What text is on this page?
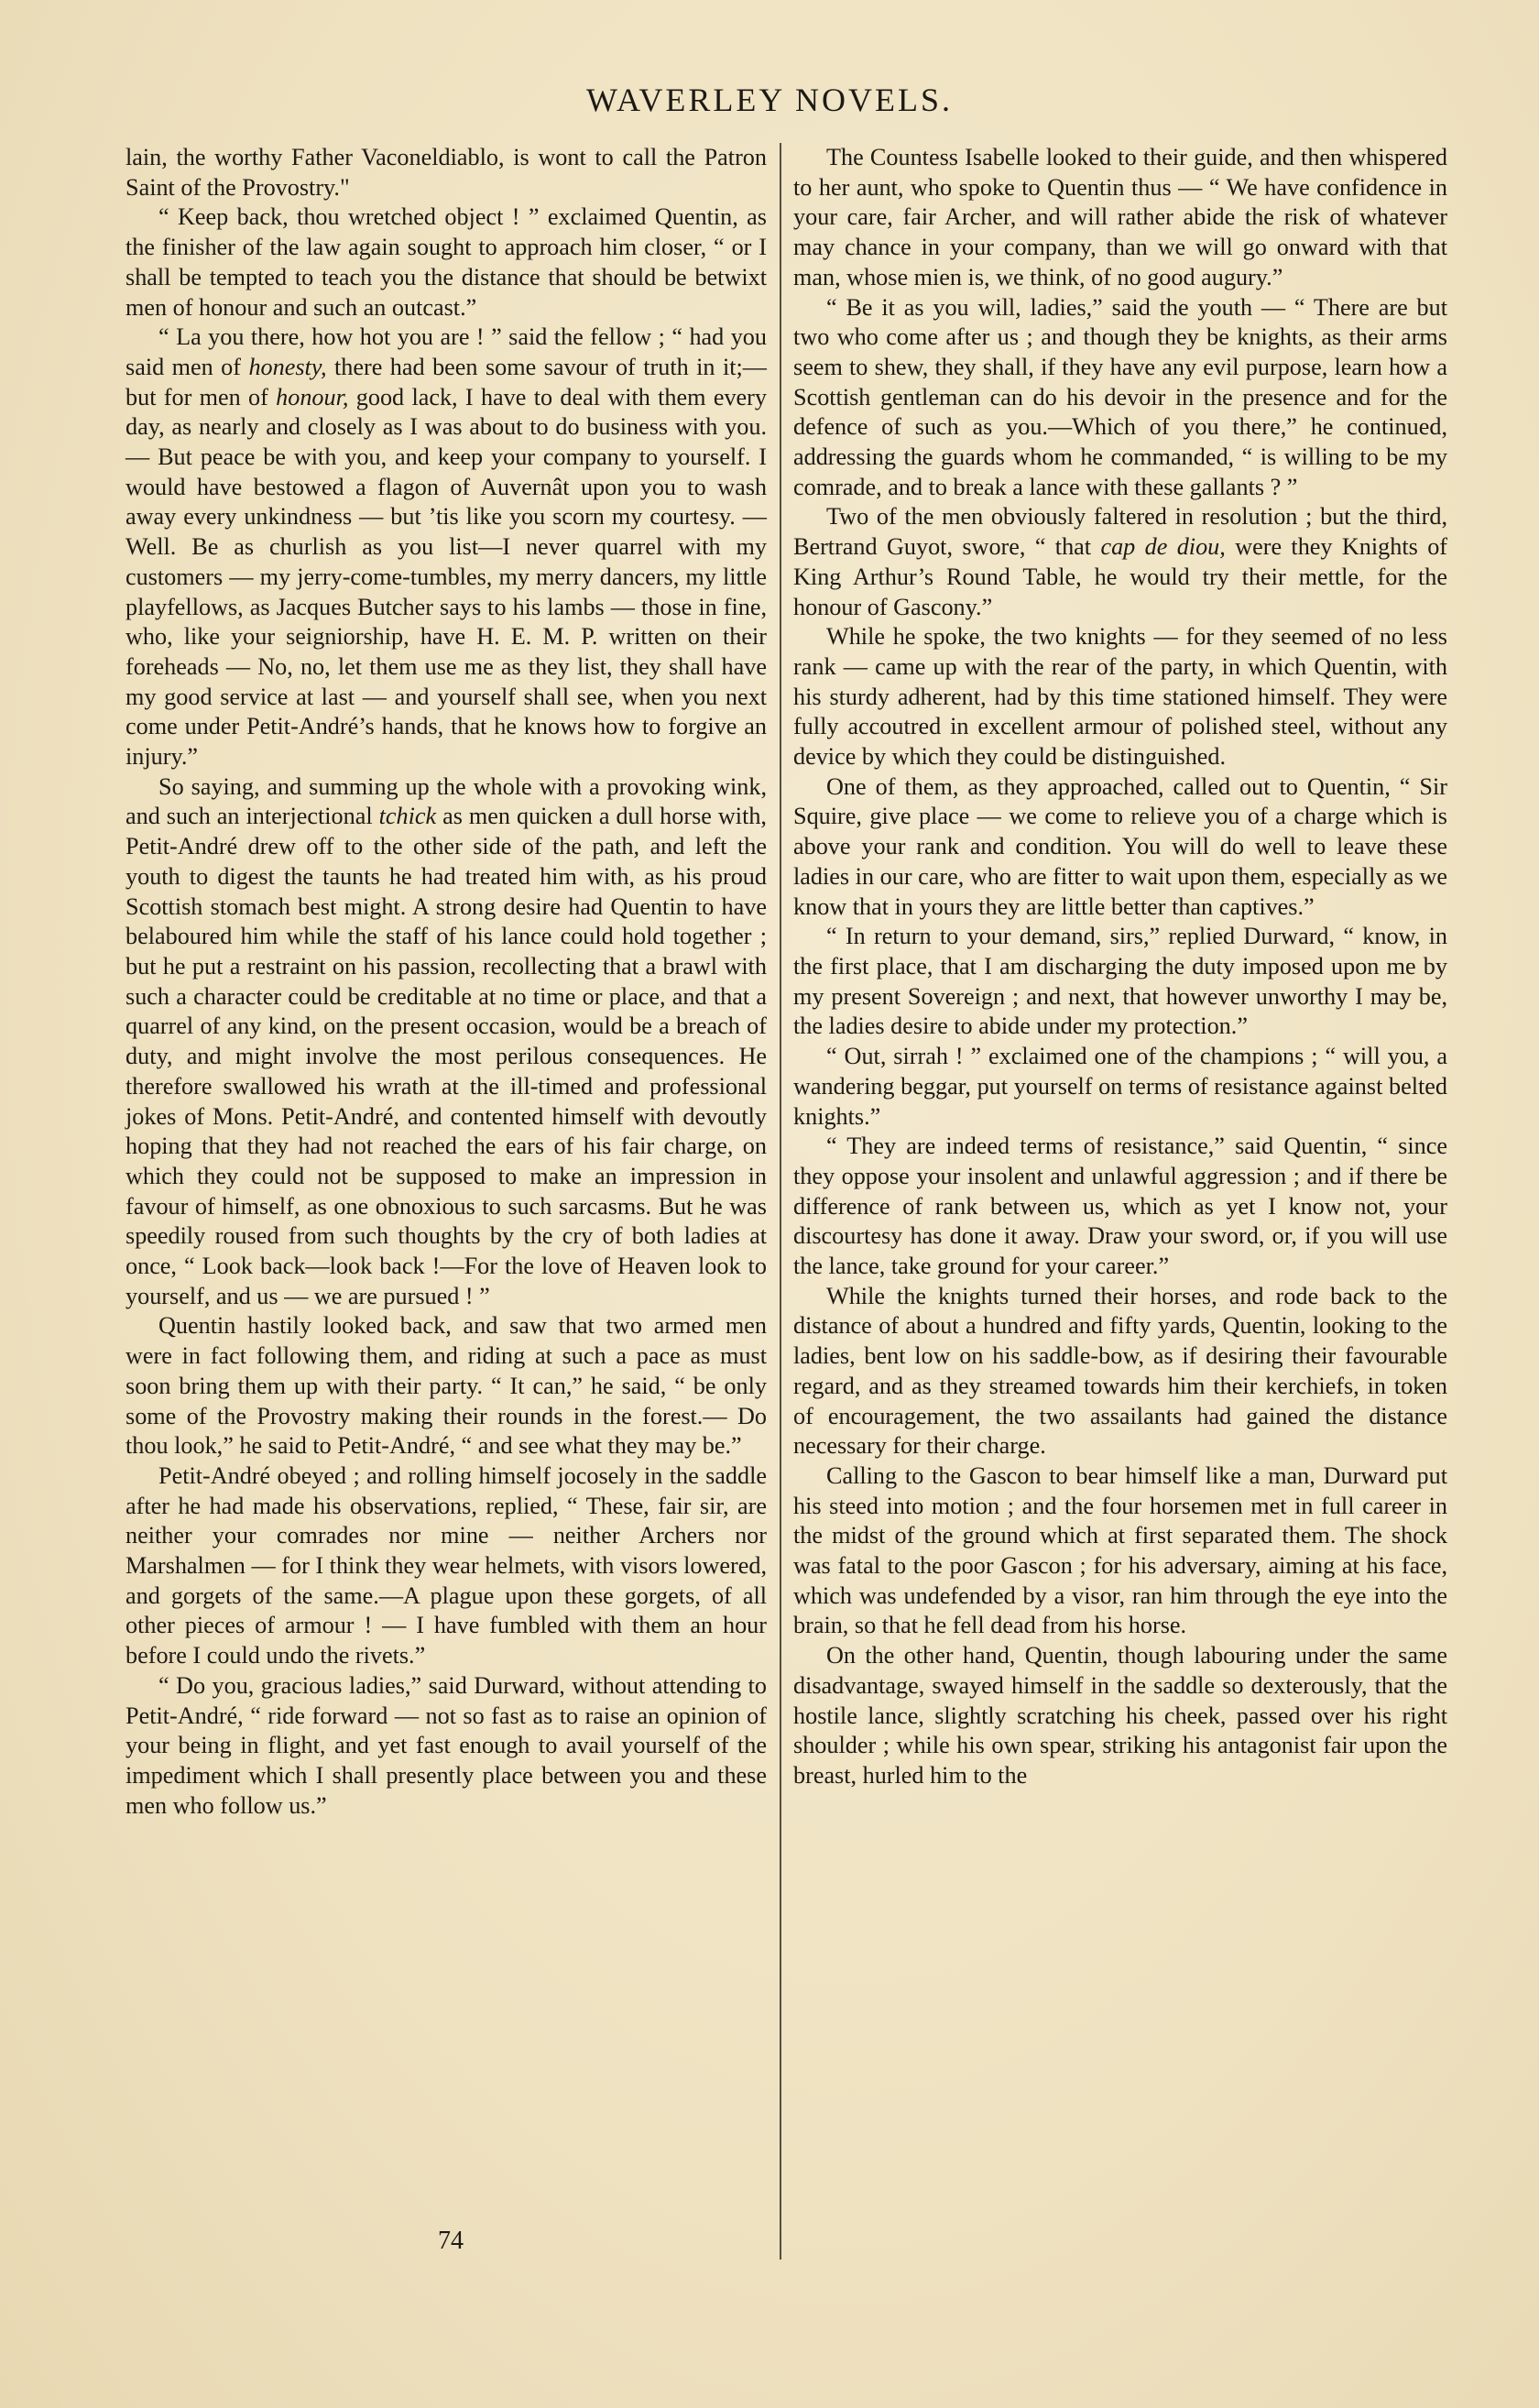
WAVERLEY NOVELS.

lain, the worthy Father Vaconeldiablo, is wont to call the Patron Saint of the Provostry."

“ Keep back, thou wretched object ! ” exclaimed Quentin, as the finisher of the law again sought to approach him closer, “ or I shall be tempted to teach you the distance that should be betwixt men of honour and such an outcast.”

“ La you there, how hot you are ! ” said the fellow ; “ had you said men of honesty, there had been some savour of truth in it;— but for men of honour, good lack, I have to deal with them every day, as nearly and closely as I was about to do business with you.— But peace be with you, and keep your company to yourself. I would have bestowed a flagon of Auvernât upon you to wash away every unkindness — but ’tis like you scorn my courtesy. —Well. Be as churlish as you list—I never quarrel with my customers — my jerry-come-tumbles, my merry dancers, my little playfellows, as Jacques Butcher says to his lambs — those in fine, who, like your seigniorship, have H. E. M. P. written on their foreheads — No, no, let them use me as they list, they shall have my good service at last — and yourself shall see, when you next come under Petit-André’s hands, that he knows how to forgive an injury.”

So saying, and summing up the whole with a provoking wink, and such an interjectional tchick as men quicken a dull horse with, Petit-André drew off to the other side of the path, and left the youth to digest the taunts he had treated him with, as his proud Scottish stomach best might. A strong desire had Quentin to have belaboured him while the staff of his lance could hold together ; but he put a restraint on his passion, recollecting that a brawl with such a character could be creditable at no time or place, and that a quarrel of any kind, on the present occasion, would be a breach of duty, and might involve the most perilous consequences. He therefore swallowed his wrath at the ill-timed and professional jokes of Mons. Petit-André, and contented himself with devoutly hoping that they had not reached the ears of his fair charge, on which they could not be supposed to make an impression in favour of himself, as one obnoxious to such sarcasms. But he was speedily roused from such thoughts by the cry of both ladies at once, “ Look back—look back !—For the love of Heaven look to yourself, and us — we are pursued ! ”

Quentin hastily looked back, and saw that two armed men were in fact following them, and riding at such a pace as must soon bring them up with their party. “ It can,” he said, “ be only some of the Provostry making their rounds in the forest.— Do thou look,” he said to Petit-André, “ and see what they may be.”

Petit-André obeyed ; and rolling himself jocosely in the saddle after he had made his observations, replied, “ These, fair sir, are neither your comrades nor mine — neither Archers nor Marshalmen — for I think they wear helmets, with visors lowered, and gorgets of the same.—A plague upon these gorgets, of all other pieces of armour ! — I have fumbled with them an hour before I could undo the rivets.”

“ Do you, gracious ladies,” said Durward, without attending to Petit-André, “ ride forward — not so fast as to raise an opinion of your being in flight, and yet fast enough to avail yourself of the impediment which I shall presently place between you and these men who follow us.”

The Countess Isabelle looked to their guide, and then whispered to her aunt, who spoke to Quentin thus — “ We have confidence in your care, fair Archer, and will rather abide the risk of whatever may chance in your company, than we will go onward with that man, whose mien is, we think, of no good augury.”

“ Be it as you will, ladies,” said the youth — “ There are but two who come after us ; and though they be knights, as their arms seem to shew, they shall, if they have any evil purpose, learn how a Scottish gentleman can do his devoir in the presence and for the defence of such as you.—Which of you there,” he continued, addressing the guards whom he commanded, “ is willing to be my comrade, and to break a lance with these gallants ? ”

Two of the men obviously faltered in resolution ; but the third, Bertrand Guyot, swore, “ that cap de diou, were they Knights of King Arthur’s Round Table, he would try their mettle, for the honour of Gascony.”

While he spoke, the two knights — for they seemed of no less rank — came up with the rear of the party, in which Quentin, with his sturdy adherent, had by this time stationed himself. They were fully accoutred in excellent armour of polished steel, without any device by which they could be distinguished.

One of them, as they approached, called out to Quentin, “ Sir Squire, give place — we come to relieve you of a charge which is above your rank and condition. You will do well to leave these ladies in our care, who are fitter to wait upon them, especially as we know that in yours they are little better than captives.”

“ In return to your demand, sirs,” replied Durward, “ know, in the first place, that I am discharging the duty imposed upon me by my present Sovereign ; and next, that however unworthy I may be, the ladies desire to abide under my protection.”

“ Out, sirrah ! ” exclaimed one of the champions ; “ will you, a wandering beggar, put yourself on terms of resistance against belted knights.”

“ They are indeed terms of resistance,” said Quentin, “ since they oppose your insolent and unlawful aggression ; and if there be difference of rank between us, which as yet I know not, your discourtesy has done it away. Draw your sword, or, if you will use the lance, take ground for your career.”

While the knights turned their horses, and rode back to the distance of about a hundred and fifty yards, Quentin, looking to the ladies, bent low on his saddle-bow, as if desiring their favourable regard, and as they streamed towards him their kerchiefs, in token of encouragement, the two assailants had gained the distance necessary for their charge.

Calling to the Gascon to bear himself like a man, Durward put his steed into motion ; and the four horsemen met in full career in the midst of the ground which at first separated them. The shock was fatal to the poor Gascon ; for his adversary, aiming at his face, which was undefended by a visor, ran him through the eye into the brain, so that he fell dead from his horse.

On the other hand, Quentin, though labouring under the same disadvantage, swayed himself in the saddle so dexterously, that the hostile lance, slightly scratching his cheek, passed over his right shoulder ; while his own spear, striking his antagonist fair upon the breast, hurled him to the

74
